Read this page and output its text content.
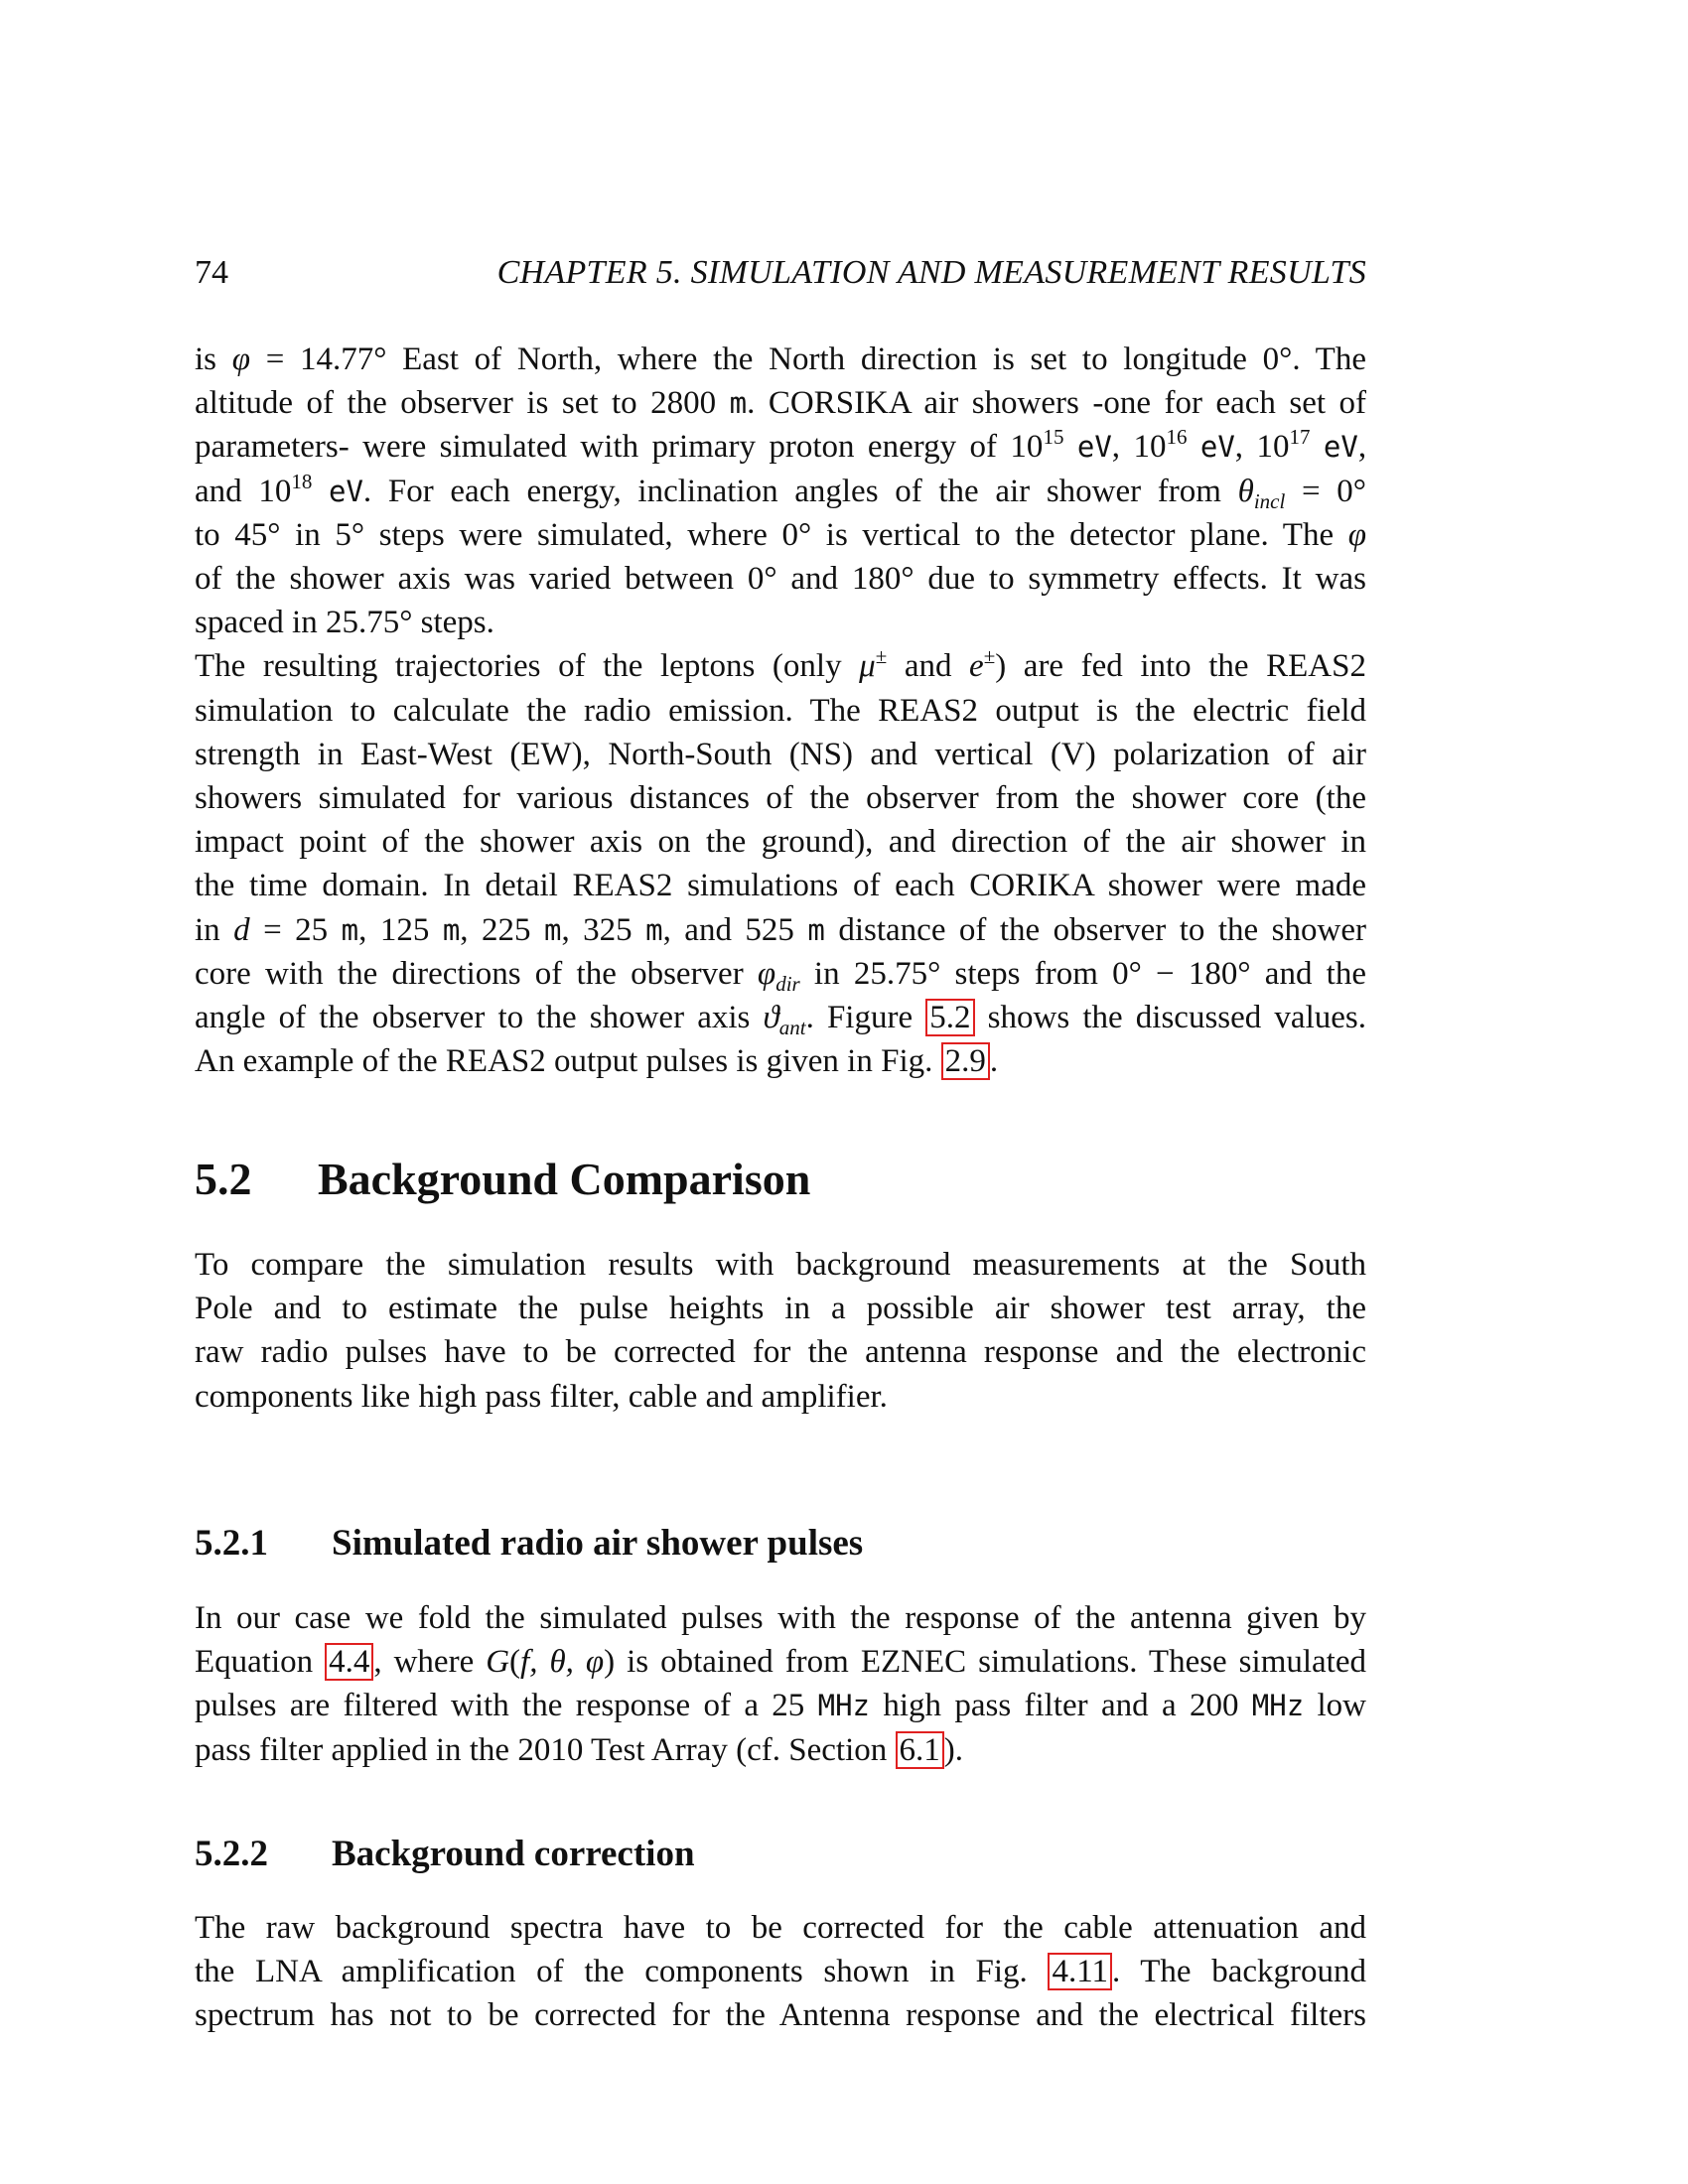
74	CHAPTER 5. SIMULATION AND MEASUREMENT RESULTS
is φ = 14.77° East of North, where the North direction is set to longitude 0°. The
altitude of the observer is set to 2800 m. CORSIKA air showers -one for each set of
parameters- were simulated with primary proton energy of $10^{15}$ eV, $10^{16}$ eV, $10^{17}$ eV,
and $10^{18}$ eV. For each energy, inclination angles of the air shower from $\theta_{incl} = 0^\circ$
to 45° in 5° steps were simulated, where 0° is vertical to the detector plane. The φ
of the shower axis was varied between 0° and 180° due to symmetry effects. It was
spaced in 25.75° steps.
The resulting trajectories of the leptons (only μ± and e±) are fed into the REAS2
simulation to calculate the radio emission. The REAS2 output is the electric field
strength in East-West (EW), North-South (NS) and vertical (V) polarization of air
showers simulated for various distances of the observer from the shower core (the
impact point of the shower axis on the ground), and direction of the air shower in
the time domain. In detail REAS2 simulations of each CORIKA shower were made
in d = 25 m, 125 m, 225 m, 325 m, and 525 m distance of the observer to the shower
core with the directions of the observer $\varphi_{dir}$ in 25.75° steps from 0° − 180° and the
angle of the observer to the shower axis $ϑ_{ant}$. Figure 5.2 shows the discussed values.
An example of the REAS2 output pulses is given in Fig. 2.9 .
5.2 Background Comparison
To compare the simulation results with background measurements at the South
Pole and to estimate the pulse heights in a possible air shower test array, the
raw radio pulses have to be corrected for the antenna response and the electronic
components like high pass filter, cable and amplifier.
5.2.1 Simulated radio air shower pulses
In our case we fold the simulated pulses with the response of the antenna given by
Equation 4.4 , where G(f, θ, φ) is obtained from EZNEC simulations. These simulated
pulses are filtered with the response of a 25 MHz high pass filter and a 200 MHz low
pass filter applied in the 2010 Test Array (cf. Section 6.1 ).
5.2.2 Background correction
The raw background spectra have to be corrected for the cable attenuation and
the LNA amplification of the components shown in Fig. 4.11 . The background
spectrum has not to be corrected for the Antenna response and the electrical filters
